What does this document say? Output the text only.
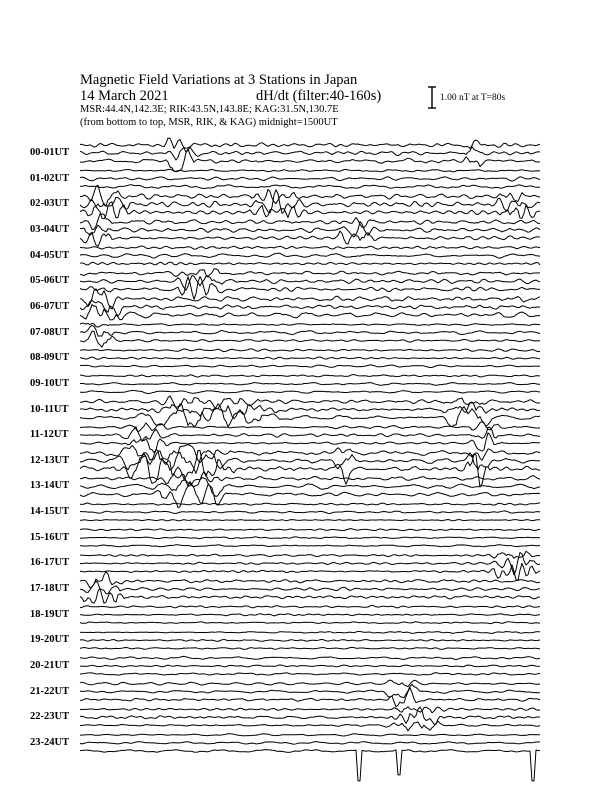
Magnetic Field Variations at 3 Stations in Japan
14 March 2021	dH/dt (filter:40-160s)
MSR:44.4N,142.3E; RIK:43.5N,143.8E; KAG:31.5N,130.7E
(from bottom to top, MSR, RIK, & KAG) midnight=1500UT
1.00 nT at T=80s
00-01UT
01-02UT
02-03UT
03-04UT
04-05UT
05-06UT
06-07UT
07-08UT
08-09UT
09-10UT
10-11UT
11-12UT
12-13UT
13-14UT
14-15UT
15-16UT
16-17UT
17-18UT
18-19UT
19-20UT
20-21UT
21-22UT
22-23UT
23-24UT
